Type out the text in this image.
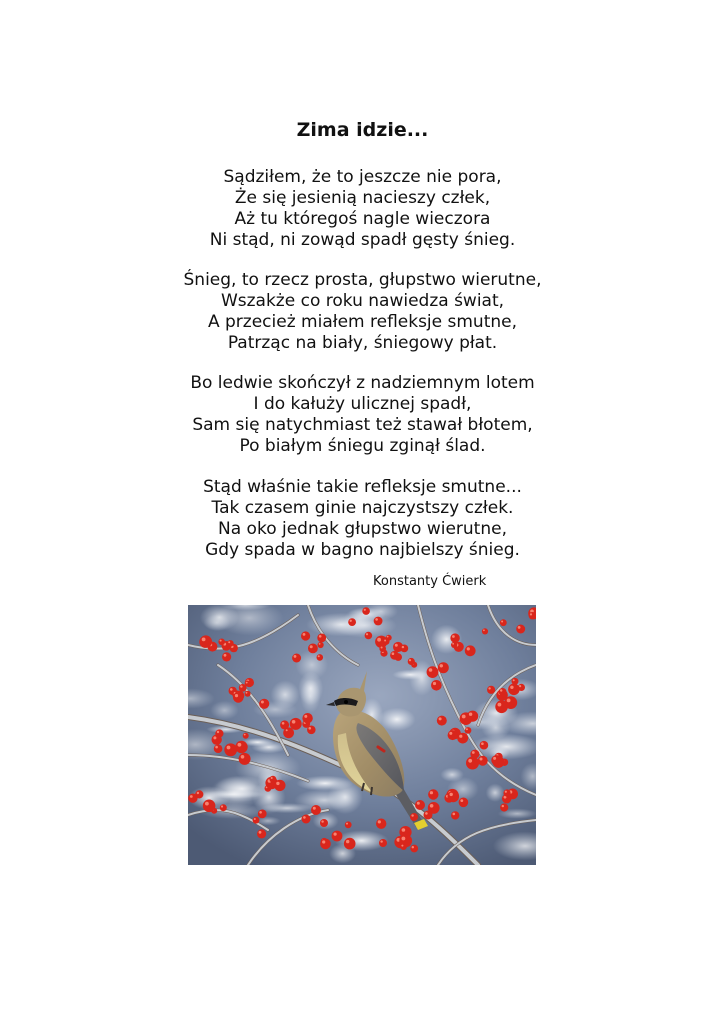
Zima idzie...
Sądziłem, że to jeszcze nie pora,
Że się jesienią nacieszy człek,
Aż tu któregoś nagle wieczora
Ni stąd, ni zowąd spadł gęsty śnieg.
Śnieg, to rzecz prosta, głupstwo wierutne,
Wszakże co roku nawiedza świat,
A przecież miałem refleksje smutne,
Patrząc na biały, śniegowy płat.
Bo ledwie skończył z nadziemnym lotem
I do kałuży ulicznej spadł,
Sam się natychmiast też stawał błotem,
Po białym śniegu zginął ślad.
Stąd właśnie takie refleksje smutne...
Tak czasem ginie najczystszy człek.
Na oko jednak głupstwo wierutne,
Gdy spada w bagno najbielszy śnieg.
Konstanty Ćwierk
